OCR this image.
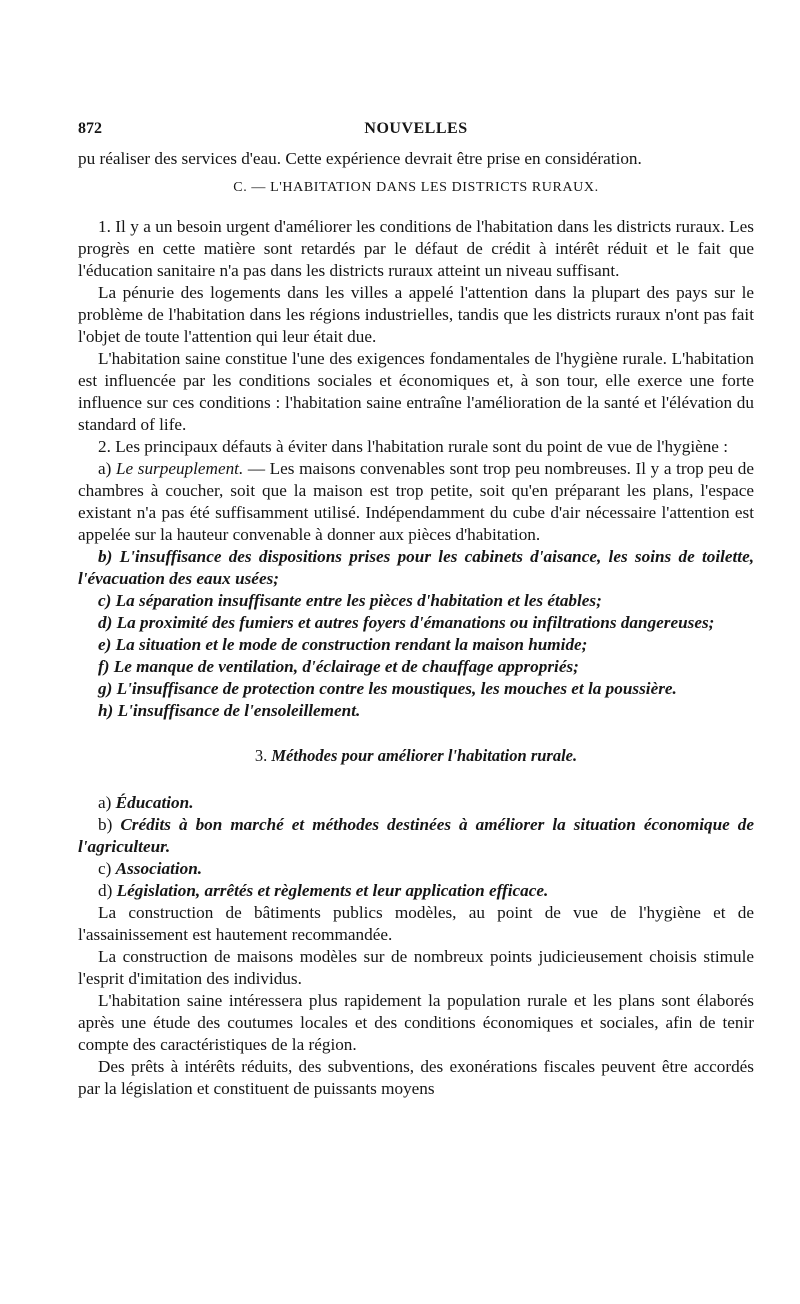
872	NOUVELLES

pu réaliser des services d'eau. Cette expérience devrait être prise en considération.

C. — L'HABITATION DANS LES DISTRICTS RURAUX.

1. Il y a un besoin urgent d'améliorer les conditions de l'habitation dans les districts ruraux. Les progrès en cette matière sont retardés par le défaut de crédit à intérêt réduit et le fait que l'éducation sanitaire n'a pas dans les districts ruraux atteint un niveau suffisant.

La pénurie des logements dans les villes a appelé l'attention dans la plupart des pays sur le problème de l'habitation dans les régions industrielles, tandis que les districts ruraux n'ont pas fait l'objet de toute l'attention qui leur était due.

L'habitation saine constitue l'une des exigences fondamentales de l'hygiène rurale. L'habitation est influencée par les conditions sociales et économiques et, à son tour, elle exerce une forte influence sur ces conditions : l'habitation saine entraîne l'amélioration de la santé et l'élévation du standard of life.

2. Les principaux défauts à éviter dans l'habitation rurale sont du point de vue de l'hygiène :

a) Le surpeuplement. — Les maisons convenables sont trop peu nombreuses. Il y a trop peu de chambres à coucher, soit que la maison est trop petite, soit qu'en préparant les plans, l'espace existant n'a pas été suffisamment utilisé. Indépendamment du cube d'air nécessaire l'attention est appelée sur la hauteur convenable à donner aux pièces d'habitation.

b) L'insuffisance des dispositions prises pour les cabinets d'aisance, les soins de toilette, l'évacuation des eaux usées;

c) La séparation insuffisante entre les pièces d'habitation et les étables;

d) La proximité des fumiers et autres foyers d'émanations ou infiltrations dangereuses;

e) La situation et le mode de construction rendant la maison humide;

f) Le manque de ventilation, d'éclairage et de chauffage appropriés;

g) L'insuffisance de protection contre les moustiques, les mouches et la poussière.

h) L'insuffisance de l'ensoleillement.

3. Méthodes pour améliorer l'habitation rurale.

a) Éducation.

b) Crédits à bon marché et méthodes destinées à améliorer la situation économique de l'agriculteur.

c) Association.

d) Législation, arrêtés et règlements et leur application efficace.

La construction de bâtiments publics modèles, au point de vue de l'hygiène et de l'assainissement est hautement recommandée.

La construction de maisons modèles sur de nombreux points judicieusement choisis stimule l'esprit d'imitation des individus.

L'habitation saine intéressera plus rapidement la population rurale et les plans sont élaborés après une étude des coutumes locales et des conditions économiques et sociales, afin de tenir compte des caractéristiques de la région.

Des prêts à intérêts réduits, des subventions, des exonérations fiscales peuvent être accordés par la législation et constituent de puissants moyens
